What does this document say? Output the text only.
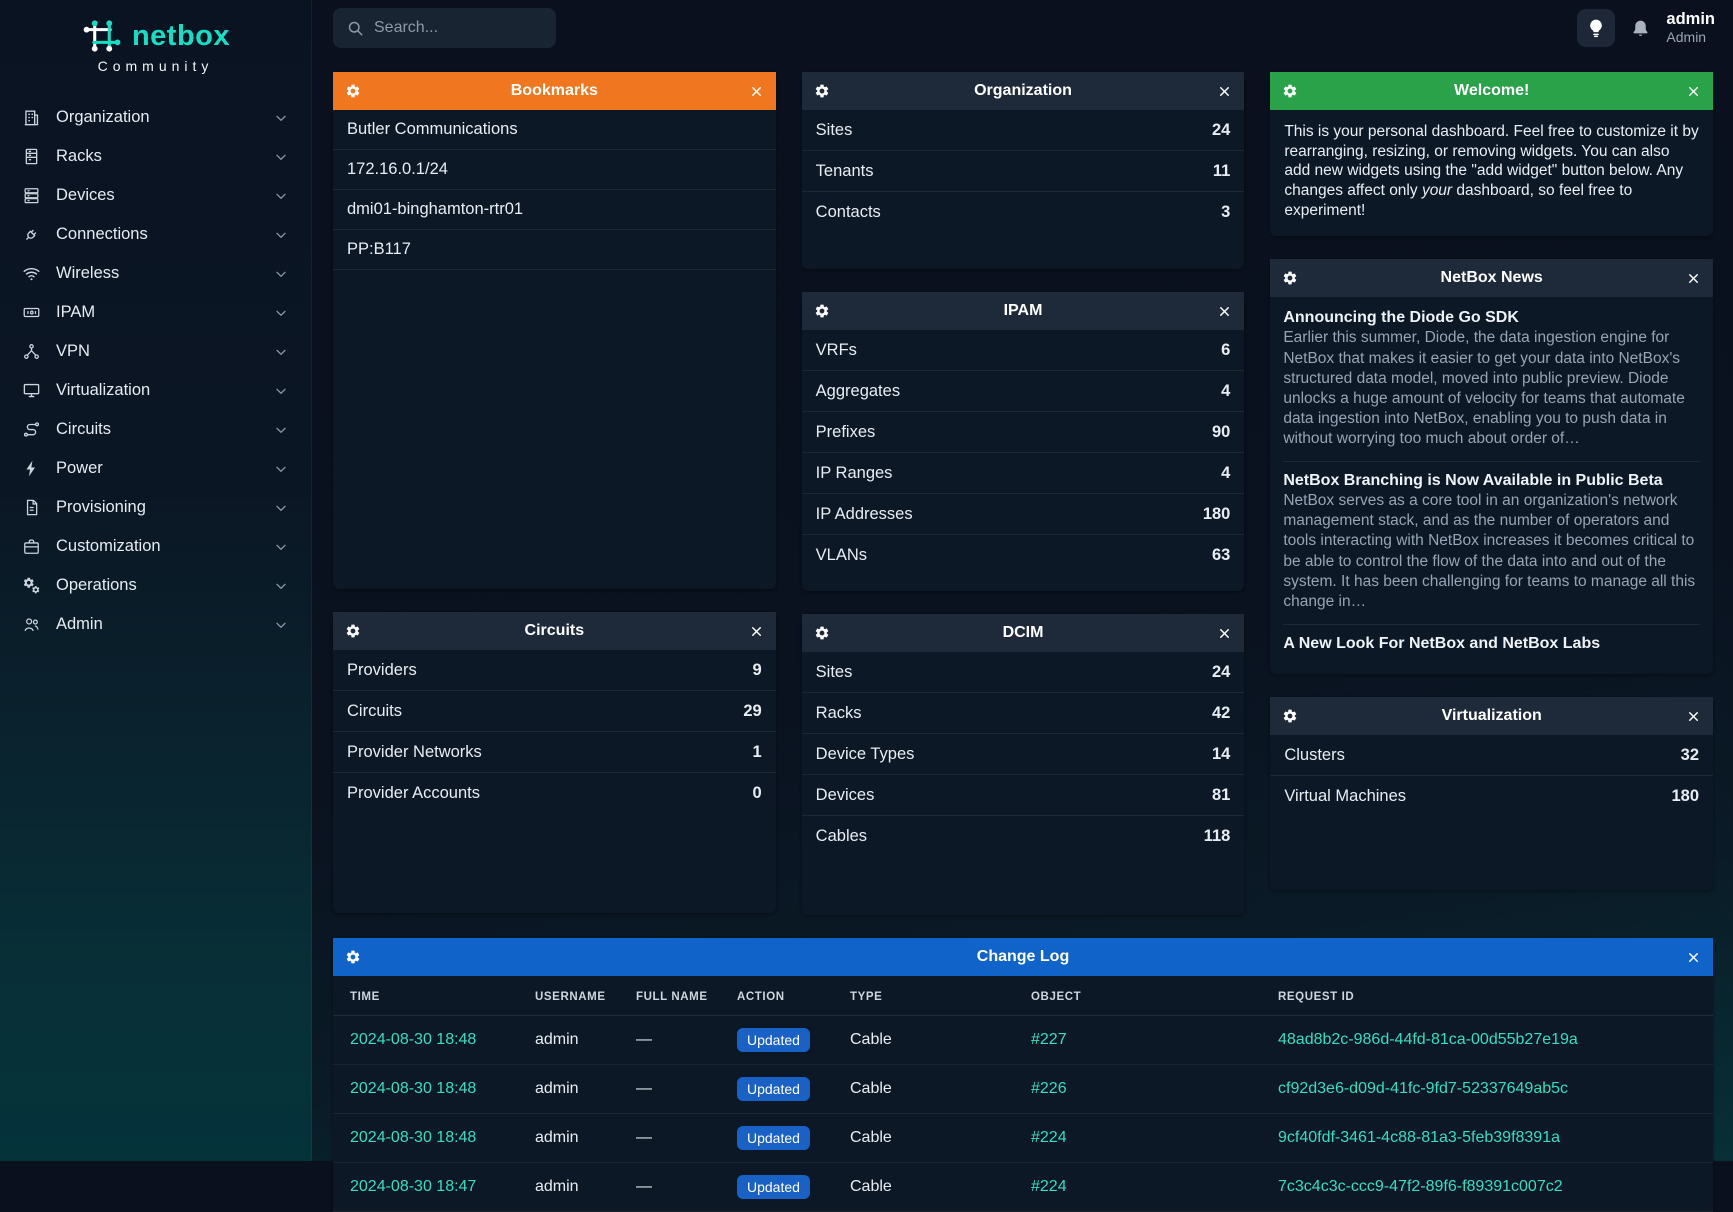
netbox
Community
Organization
Racks
Devices
Connections
Wireless
IPAM
VPN
Virtualization
Circuits
Power
Provisioning
Customization
Operations
Admin
Search...
admin
Admin
Bookmarks
Butler Communications
172.16.0.1/24
dmi01-binghamton-rtr01
PP:B117
Circuits
Providers	9
Circuits	29
Provider Networks	1
Provider Accounts	0
Organization
Sites	24
Tenants	11
Contacts	3
IPAM
VRFs	6
Aggregates	4
Prefixes	90
IP Ranges	4
IP Addresses	180
VLANs	63
DCIM
Sites	24
Racks	42
Device Types	14
Devices	81
Cables	118
Welcome!

This is your personal dashboard. Feel free to customize it by rearranging, resizing, or removing widgets. You can also add new widgets using the "add widget" button below. Any changes affect only your dashboard, so feel free to experiment!

NetBox News
Announcing the Diode Go SDK

Earlier this summer, Diode, the data ingestion engine for NetBox that makes it easier to get your data into NetBox's structured data model, moved into public preview. Diode unlocks a huge amount of velocity for teams that automate data ingestion into NetBox, enabling you to push data in without worrying too much about order of…

NetBox Branching is Now Available in Public Beta

NetBox serves as a core tool in an organization's network management stack, and as the number of operators and tools interacting with NetBox increases it becomes critical to be able to control the flow of the data into and out of the system. It has been challenging for teams to manage all this change in…

A New Look For NetBox and NetBox Labs
Virtualization
Clusters	32
Virtual Machines	180
Change Log
TIME	USERNAME	FULL NAME	ACTION	TYPE	OBJECT	REQUEST ID
2024-08-30 18:48	admin	—	Updated	Cable	#227	48ad8b2c-986d-44fd-81ca-00d55b27e19a
2024-08-30 18:48	admin	—	Updated	Cable	#226	cf92d3e6-d09d-41fc-9fd7-52337649ab5c
2024-08-30 18:48	admin	—	Updated	Cable	#224	9cf40fdf-3461-4c88-81a3-5feb39f8391a
2024-08-30 18:47	admin	—	Updated	Cable	#224	7c3c4c3c-ccc9-47f2-89f6-f89391c007c2
